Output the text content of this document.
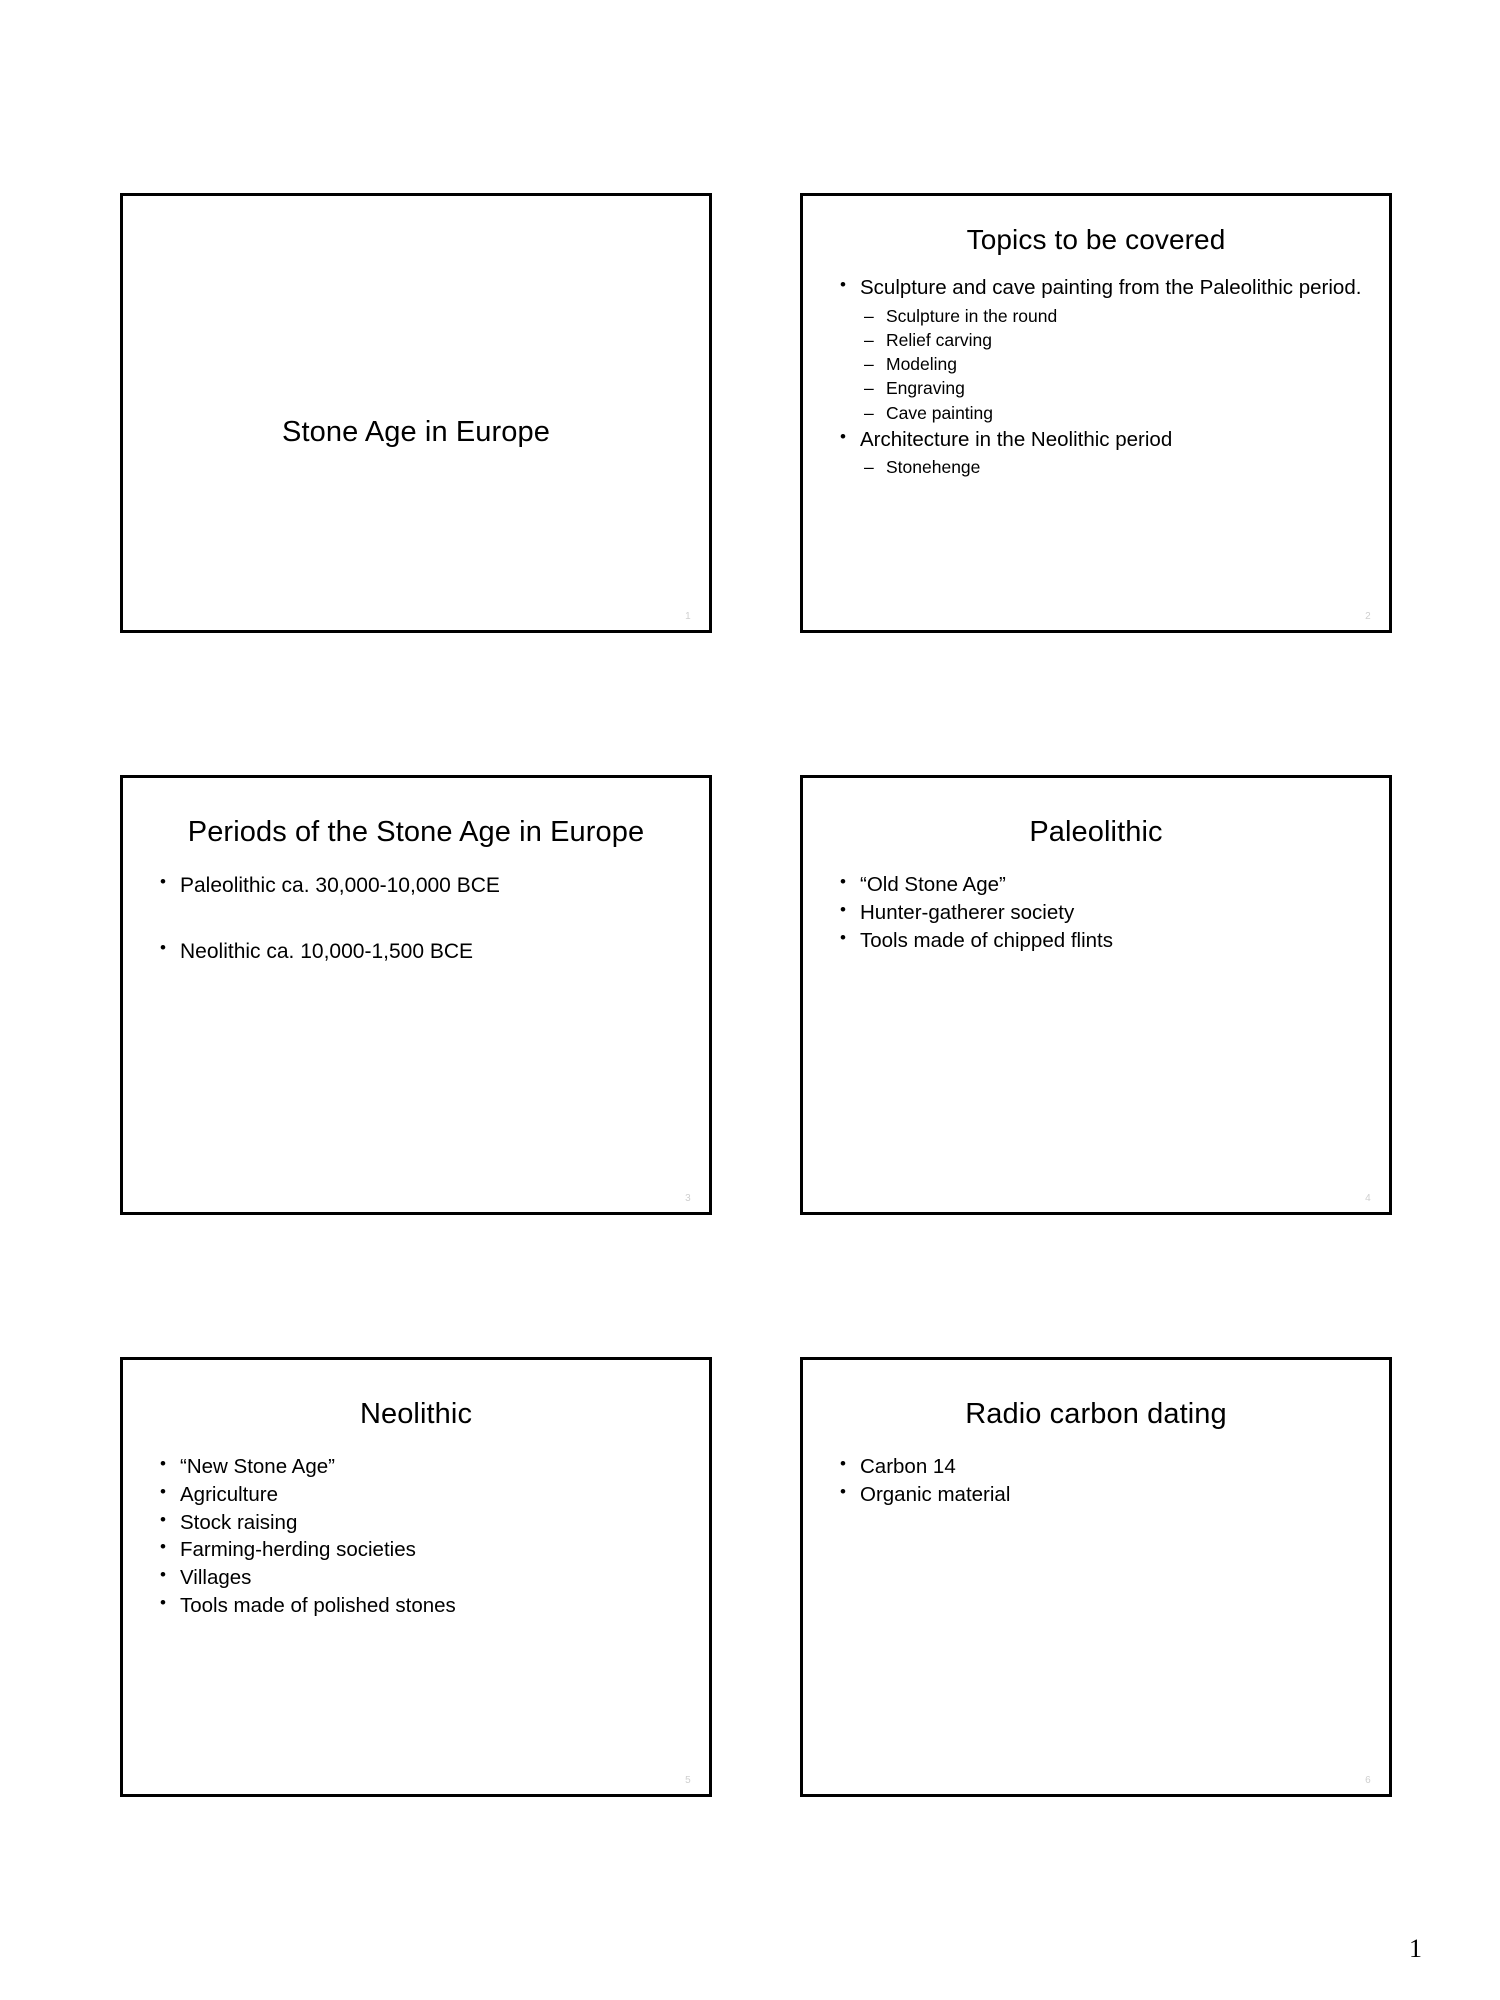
Stone Age in Europe
1
Topics to be covered
• Sculpture and cave painting from the Paleolithic period.
– Sculpture in the round
– Relief carving
– Modeling
– Engraving
– Cave painting
• Architecture in the Neolithic period
– Stonehenge
2
Periods of the Stone Age in Europe
• Paleolithic ca. 30,000-10,000 BCE
• Neolithic ca. 10,000-1,500 BCE
3
Paleolithic
• “Old Stone Age”
• Hunter-gatherer society
• Tools made of chipped flints
4
Neolithic
• “New Stone Age”
• Agriculture
• Stock raising
• Farming-herding societies
• Villages
• Tools made of polished stones
5
Radio carbon dating
• Carbon 14
• Organic material
6
1
